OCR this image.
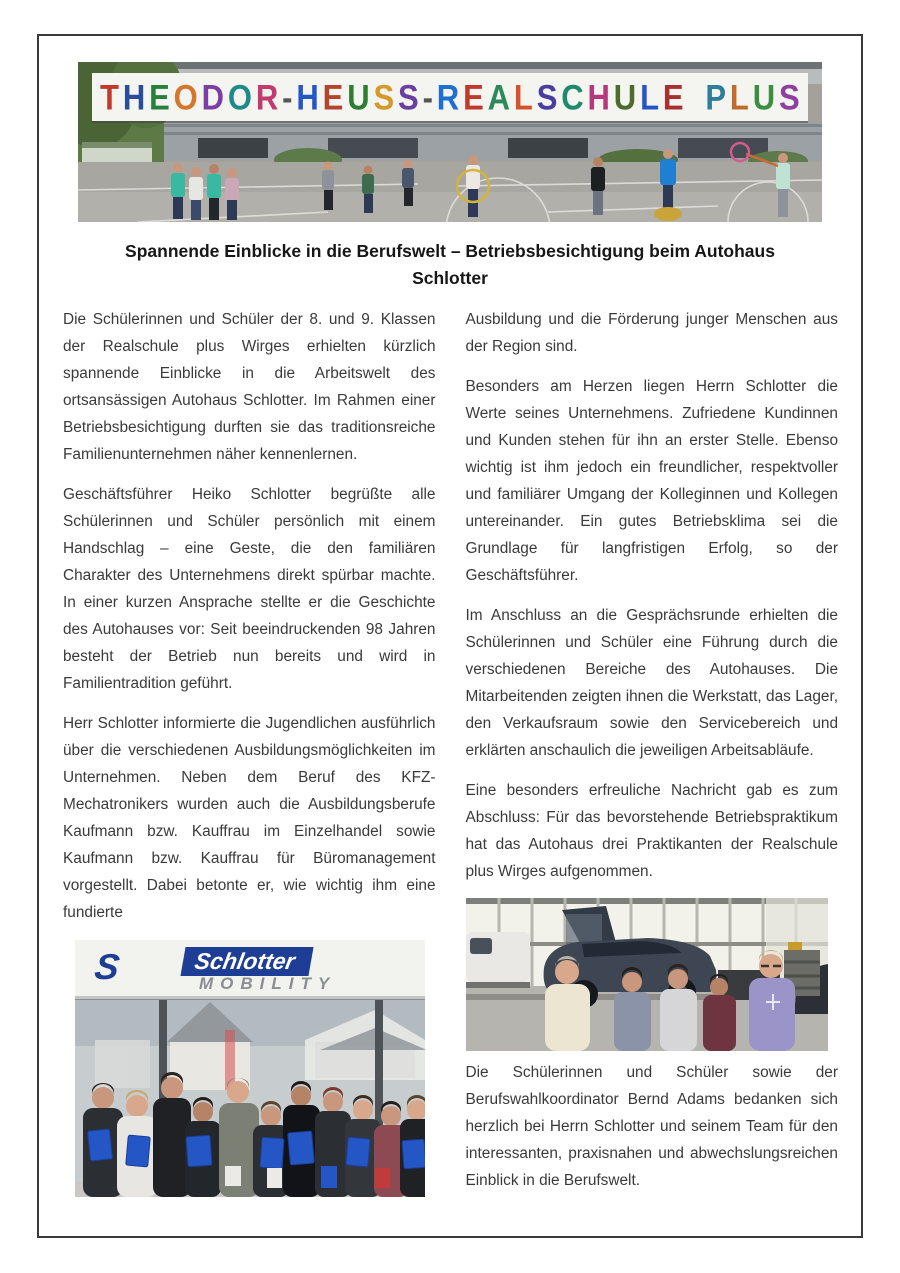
T H E O D O R - H E U S S - R E A L S C H U L E P L U S
Spannende Einblicke in die Berufswelt – Betriebsbesichtigung beim Autohaus Schlotter

Die Schülerinnen und Schüler der 8. und 9. Klassen der Realschule plus Wirges erhielten kürzlich spannende Einblicke in die Arbeitswelt des ortsansässigen Autohaus Schlotter. Im Rahmen einer Betriebsbesichtigung durften sie das traditionsreiche Familienunternehmen näher kennenlernen.

Geschäftsführer Heiko Schlotter begrüßte alle Schülerinnen und Schüler persönlich mit einem Handschlag – eine Geste, die den familiären Charakter des Unternehmens direkt spürbar machte. In einer kurzen Ansprache stellte er die Geschichte des Autohauses vor: Seit beeindruckenden 98 Jahren besteht der Betrieb nun bereits und wird in Familientradition geführt.

Herr Schlotter informierte die Jugendlichen ausführlich über die verschiedenen Ausbildungsmöglichkeiten im Unternehmen. Neben dem Beruf des KFZ-Mechatronikers wurden auch die Ausbildungsberufe Kaufmann bzw. Kauffrau im Einzelhandel sowie Kaufmann bzw. Kauffrau für Büromanagement vorgestellt. Dabei betonte er, wie wichtig ihm eine fundierte

S	Schlotter
MOBILITY

Ausbildung und die Förderung junger Menschen aus der Region sind.

Besonders am Herzen liegen Herrn Schlotter die Werte seines Unternehmens. Zufriedene Kundinnen und Kunden stehen für ihn an erster Stelle. Ebenso wichtig ist ihm jedoch ein freundlicher, respektvoller und familiärer Umgang der Kolleginnen und Kollegen untereinander. Ein gutes Betriebsklima sei die Grundlage für langfristigen Erfolg, so der Geschäftsführer.

Im Anschluss an die Gesprächsrunde erhielten die Schülerinnen und Schüler eine Führung durch die verschiedenen Bereiche des Autohauses. Die Mitarbeitenden zeigten ihnen die Werkstatt, das Lager, den Verkaufsraum sowie den Servicebereich und erklärten anschaulich die jeweiligen Arbeitsabläufe.

Eine besonders erfreuliche Nachricht gab es zum Abschluss: Für das bevorstehende Betriebspraktikum hat das Autohaus drei Praktikanten der Realschule plus Wirges aufgenommen.

Die Schülerinnen und Schüler sowie der Berufswahlkoordinator Bernd Adams bedanken sich herzlich bei Herrn Schlotter und seinem Team für den interessanten, praxisnahen und abwechslungsreichen Einblick in die Berufswelt.
